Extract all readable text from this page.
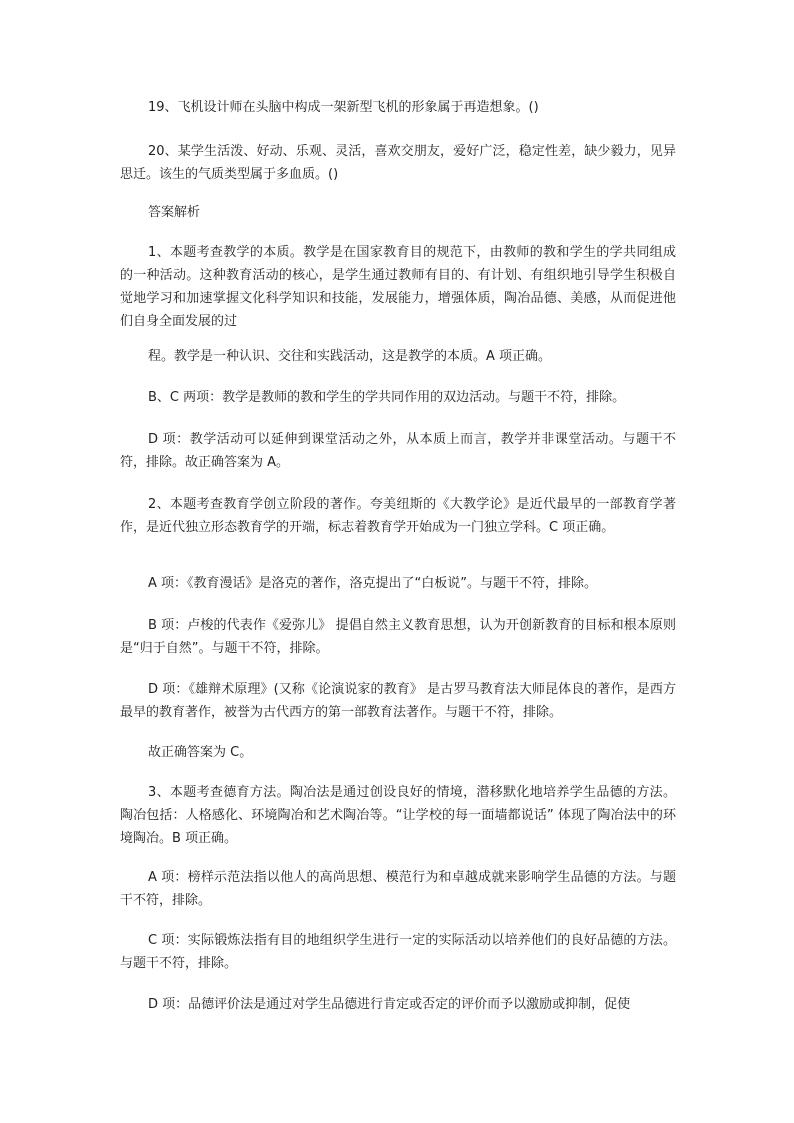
19、飞机设计师在头脑中构成一架新型飞机的形象属于再造想象。()

20、某学生活泼、好动、乐观、灵活，喜欢交朋友，爱好广泛，稳定性差，缺少毅力，见异思迁。该生的气质类型属于多血质。()

答案解析

1、本题考查教学的本质。教学是在国家教育目的规范下，由教师的教和学生的学共同组成的一种活动。这种教育活动的核心，是学生通过教师有目的、有计划、有组织地引导学生积极自觉地学习和加速掌握文化科学知识和技能，发展能力，增强体质，陶冶品德、美感，从而促进他们自身全面发展的过

程。教学是一种认识、交往和实践活动，这是教学的本质。A 项正确。

B、C 两项：教学是教师的教和学生的学共同作用的双边活动。与题干不符，排除。

D 项：教学活动可以延伸到课堂活动之外，从本质上而言，教学并非课堂活动。与题干不符，排除。故正确答案为 A。

2、本题考查教育学创立阶段的著作。夸美纽斯的《大教学论》是近代最早的一部教育学著作，是近代独立形态教育学的开端，标志着教育学开始成为一门独立学科。C 项正确。

A 项：《教育漫话》是洛克的著作，洛克提出了“白板说”。与题干不符，排除。

B 项：卢梭的代表作《爱弥儿》 提倡自然主义教育思想，认为开创新教育的目标和根本原则是“归于自然”。与题干不符，排除。

D 项：《雄辩术原理》(又称《论演说家的教育》 是古罗马教育法大师昆体良的著作，是西方最早的教育著作，被誉为古代西方的第一部教育法著作。与题干不符，排除。

故正确答案为 C。

3、本题考查德育方法。陶冶法是通过创设良好的情境，潜移默化地培养学生品德的方法。陶冶包括：人格感化、环境陶冶和艺术陶冶等。“让学校的每一面墙都说话” 体现了陶冶法中的环境陶冶。B 项正确。

A 项：榜样示范法指以他人的高尚思想、模范行为和卓越成就来影响学生品德的方法。与题干不符，排除。

C 项：实际锻炼法指有目的地组织学生进行一定的实际活动以培养他们的良好品德的方法。与题干不符，排除。

D 项：品德评价法是通过对学生品德进行肯定或否定的评价而予以激励或抑制，促使
